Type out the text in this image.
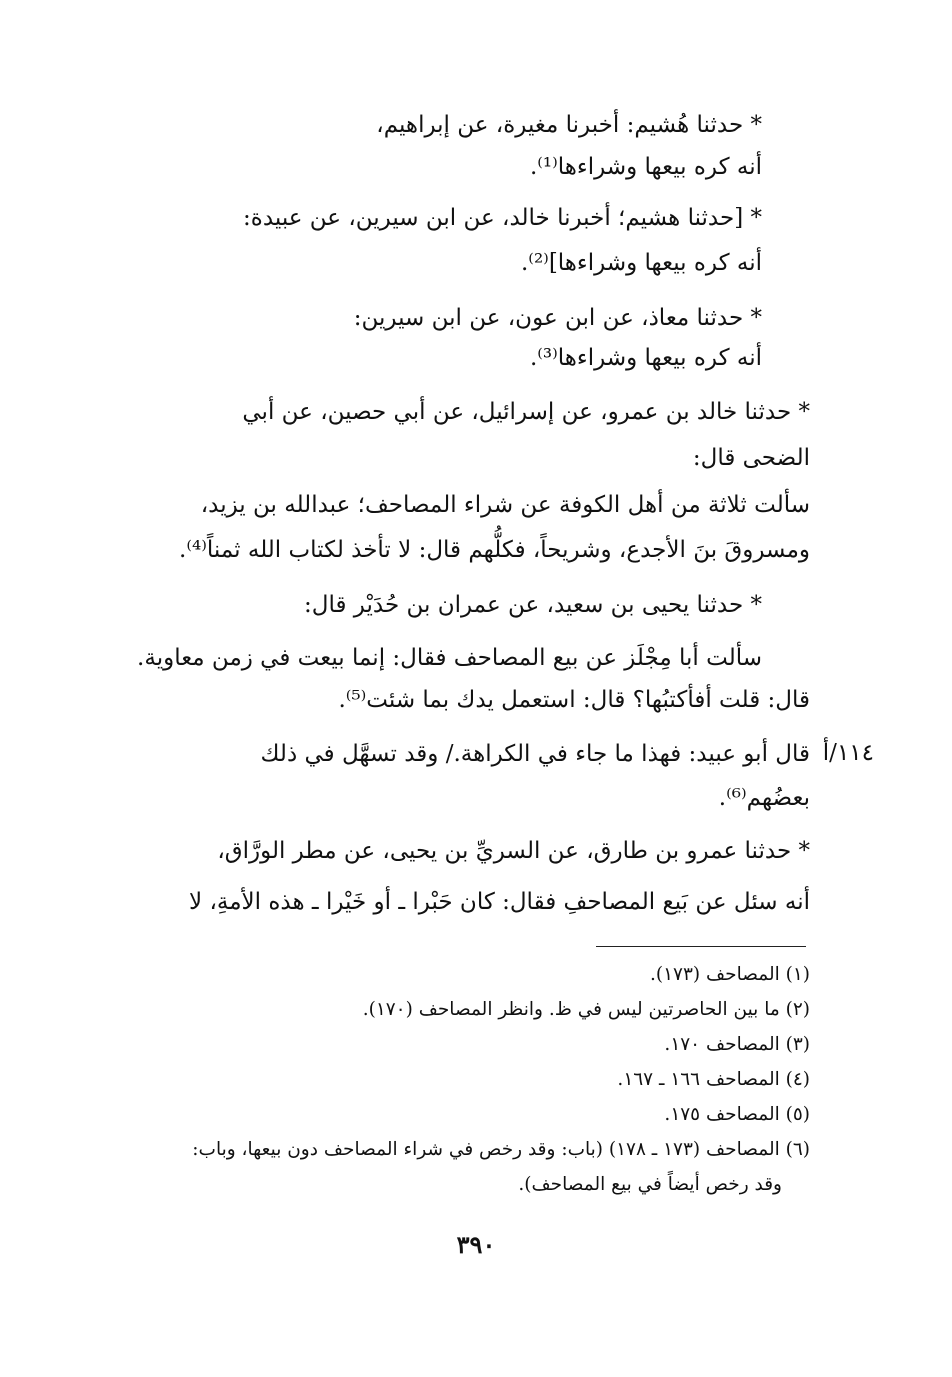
* حدثنا هُشيم: أخبرنا مغيرة، عن إبراهيم،
أنه كره بيعها وشراءها⁽¹⁾.
* [حدثنا هشيم؛ أخبرنا خالد، عن ابن سيرين، عن عبيدة:
أنه كره بيعها وشراءها]⁽²⁾.
* حدثنا معاذ، عن ابن عون، عن ابن سيرين:
أنه كره بيعها وشراءها⁽³⁾.
* حدثنا خالد بن عمرو، عن إسرائيل، عن أبي حصين، عن أبي
الضحى قال:
سألت ثلاثة من أهل الكوفة عن شراء المصاحف؛ عبدالله بن يزيد،
ومسروقَ بنَ الأجدع، وشريحاً، فكلُّهم قال: لا تأخذ لكتاب الله ثمناً⁽⁴⁾.
* حدثنا يحيى بن سعيد، عن عمران بن حُدَيْر قال:
سألت أبا مِجْلَز عن بيع المصاحف فقال: إنما بيعت في زمن معاوية.
قال: قلت أفأكتبُها؟ قال: استعمل يدك بما شئت⁽⁵⁾.
قال أبو عبيد: فهذا ما جاء في الكراهة./ وقد تسهَّل في ذلك
بعضُهم⁽⁶⁾.
* حدثنا عمرو بن طارق، عن السريِّ بن يحيى، عن مطر الورَّاق،
أنه سئل عن بَيع المصاحفِ فقال: كان حَبْرا ـ أو خَيْرا ـ هذه الأمةِ، لا
١١٤/أ
(١) المصاحف (١٧٣).
(٢) ما بين الحاصرتين ليس في ظ. وانظر المصاحف (١٧٠).
(٣) المصاحف ١٧٠.
(٤) المصاحف ١٦٦ ـ ١٦٧.
(٥) المصاحف ١٧٥.
(٦) المصاحف (١٧٣ ـ ١٧٨) (باب: وقد رخص في شراء المصاحف دون بيعها، وباب:
وقد رخص أيضاً في بيع المصاحف).
٣٩٠
